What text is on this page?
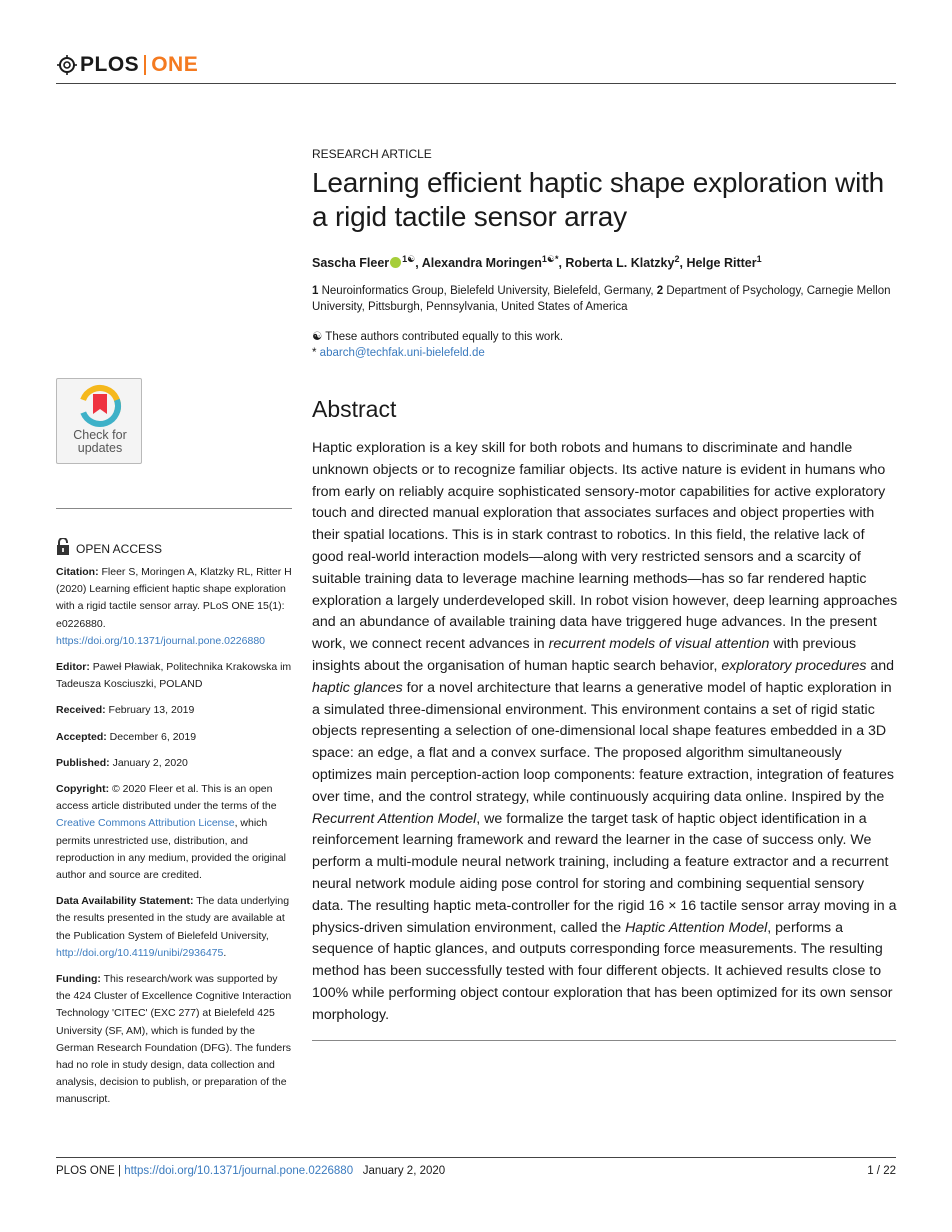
PLOS ONE
Check for
updates
OPEN ACCESS
Citation: Fleer S, Moringen A, Klatzky RL, Ritter H (2020) Learning efficient haptic shape exploration with a rigid tactile sensor array. PLoS ONE 15(1): e0226880. https://doi.org/10.1371/journal.pone.0226880
Editor: Paweł Pławiak, Politechnika Krakowska im Tadeusza Kosciuszki, POLAND
Received: February 13, 2019
Accepted: December 6, 2019
Published: January 2, 2020
Copyright: © 2020 Fleer et al. This is an open access article distributed under the terms of the Creative Commons Attribution License, which permits unrestricted use, distribution, and reproduction in any medium, provided the original author and source are credited.
Data Availability Statement: The data underlying the results presented in the study are available at the Publication System of Bielefeld University, http://doi.org/10.4119/unibi/2936475.
Funding: This research/work was supported by the 424 Cluster of Excellence Cognitive Interaction Technology 'CITEC' (EXC 277) at Bielefeld 425 University (SF, AM), which is funded by the German Research Foundation (DFG). The funders had no role in study design, data collection and analysis, decision to publish, or preparation of the manuscript.
RESEARCH ARTICLE
Learning efficient haptic shape exploration with a rigid tactile sensor array
Sascha Fleer $^{1☯}$, Alexandra Moringen$^{1☯*}$, Roberta L. Klatzky$^2$, Helge Ritter$^1$
1 Neuroinformatics Group, Bielefeld University, Bielefeld, Germany, 2 Department of Psychology, Carnegie Mellon University, Pittsburgh, Pennsylvania, United States of America
☯ These authors contributed equally to this work.
* abarch@techfak.uni-bielefeld.de
Abstract

Haptic exploration is a key skill for both robots and humans to discriminate and handle unknown objects or to recognize familiar objects. Its active nature is evident in humans who from early on reliably acquire sophisticated sensory-motor capabilities for active exploratory touch and directed manual exploration that associates surfaces and object properties with their spatial locations. This is in stark contrast to robotics. In this field, the relative lack of good real-world interaction models—along with very restricted sensors and a scarcity of suitable training data to leverage machine learning methods—has so far rendered haptic exploration a largely underdeveloped skill. In robot vision however, deep learning approaches and an abundance of available training data have triggered huge advances. In the present work, we connect recent advances in recurrent models of visual attention with previous insights about the organisation of human haptic search behavior, exploratory procedures and haptic glances for a novel architecture that learns a generative model of haptic exploration in a simulated three-dimensional environment. This environment contains a set of rigid static objects representing a selection of one-dimensional local shape features embedded in a 3D space: an edge, a flat and a convex surface. The proposed algorithm simultaneously optimizes main perception-action loop components: feature extraction, integration of features over time, and the control strategy, while continuously acquiring data online. Inspired by the Recurrent Attention Model, we formalize the target task of haptic object identification in a reinforcement learning framework and reward the learner in the case of success only. We perform a multi-module neural network training, including a feature extractor and a recurrent neural network module aiding pose control for storing and combining sequential sensory data. The resulting haptic meta-controller for the rigid 16 × 16 tactile sensor array moving in a physics-driven simulation environment, called the Haptic Attention Model, performs a sequence of haptic glances, and outputs corresponding force measurements. The resulting method has been successfully tested with four different objects. It achieved results close to 100% while performing object contour exploration that has been optimized for its own sensor morphology.

PLOS ONE | https://doi.org/10.1371/journal.pone.0226880 January 2, 2020	1 / 22
